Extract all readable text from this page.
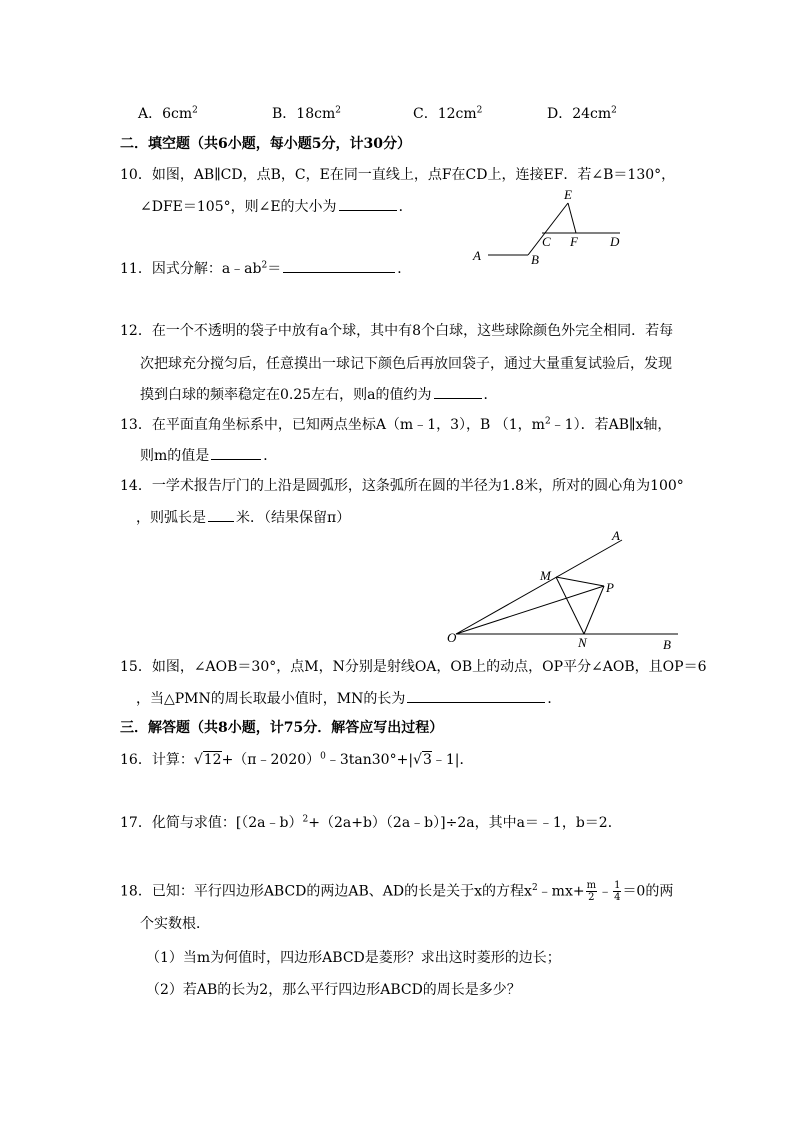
A．$6cm^2$	B．$18cm^2$	C．$12cm^2$	D．$24cm^2$
二．填空题（共6小题，每小题5分，计30分）
10．如图，AB∥CD，点B，C，E在同一直线上，点F在CD上，连接EF．若∠B＝130°，
∠DFE＝105°，则∠E的大小为	．
E
C F D
A	B
11．因式分解：$a﹣ab^2=$	．
12．在一个不透明的袋子中放有a个球，其中有8个白球，这些球除颜色外完全相同．若每
次把球充分搅匀后，任意摸出一球记下颜色后再放回袋子，通过大量重复试验后，发现
摸到白球的频率稳定在0.25左右，则a的值约为	．
13．在平面直角坐标系中，已知两点坐标A（m﹣1，3），B （1，$m^2﹣1$）．若AB∥x轴，
则m的值是	．
14．一学术报告厅门的上沿是圆弧形，这条弧所在圆的半径为1.8米，所对的圆心角为100°
，则弧长是 米．（结果保留π）
A
M
P
O	N	B
15．如图，∠AOB＝30°，点M，N分别是射线OA，OB上的动点，OP平分∠AOB，且OP＝6
，当△PMN的周长取最小值时，MN的长为	．
三．解答题（共8小题，计75分．解答应写出过程）
16．计算：√12+（π﹣2020）$^0$﹣3tan30°+|√3﹣1|．
17．化简与求值：[（2a﹣b）$^2$+（2a+b）（2a﹣b）]÷2a，其中a＝﹣1，b＝2．
18．已知：平行四边形ABCD的两边AB、AD的长是关于x的方程$x^2﹣mx+ \frac{m}{2}$ ﹣ $\frac{1}{4} =0$的两
个实数根．
（1）当m为何值时，四边形ABCD是菱形？求出这时菱形的边长；
（2）若AB的长为2，那么平行四边形ABCD的周长是多少？
